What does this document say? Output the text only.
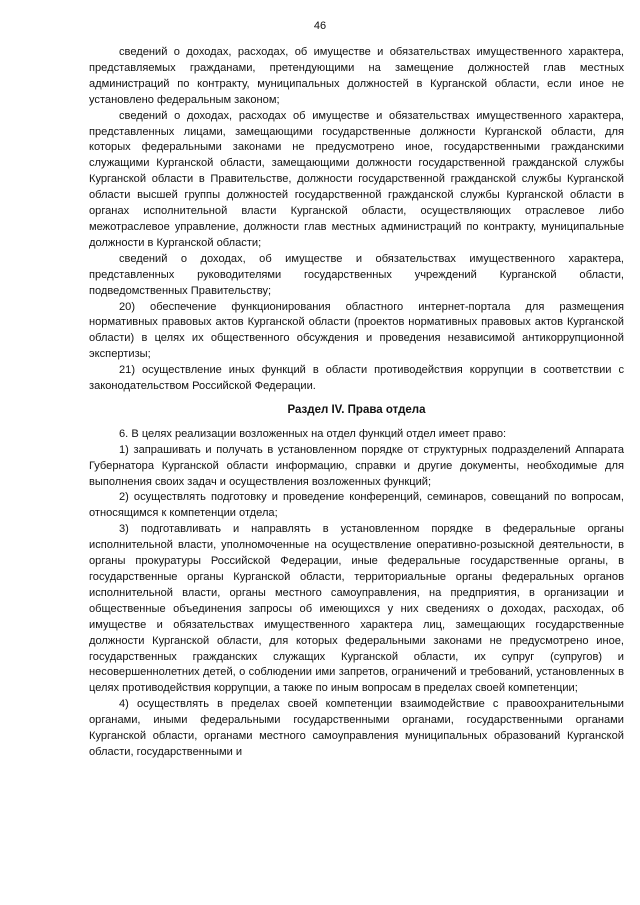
46

сведений о доходах, расходах, об имуществе и обязательствах имущественного характера, представляемых гражданами, претендующими на замещение должностей глав местных администраций по контракту, муниципальных должностей в Курганской области, если иное не установлено федеральным законом;

сведений о доходах, расходах об имуществе и обязательствах имущественного характера, представленных лицами, замещающими государственные должности Курганской области, для которых федеральными законами не предусмотрено иное, государственными гражданскими служащими Курганской области, замещающими должности государственной гражданской службы Курганской области в Правительстве, должности государственной гражданской службы Курганской области высшей группы должностей государственной гражданской службы Курганской области в органах исполнительной власти Курганской области, осуществляющих отраслевое либо межотраслевое управление, должности глав местных администраций по контракту, муниципальные должности в Курганской области;

сведений о доходах, об имуществе и обязательствах имущественного характера, представленных руководителями государственных учреждений Курганской области, подведомственных Правительству;

20) обеспечение функционирования областного интернет-портала для размещения нормативных правовых актов Курганской области (проектов нормативных правовых актов Курганской области) в целях их общественного обсуждения и проведения независимой антикоррупционной экспертизы;

21) осуществление иных функций в области противодействия коррупции в соответствии с законодательством Российской Федерации.

Раздел IV. Права отдела

6. В целях реализации возложенных на отдел функций отдел имеет право:

1) запрашивать и получать в установленном порядке от структурных подразделений Аппарата Губернатора Курганской области информацию, справки и другие документы, необходимые для выполнения своих задач и осуществления возложенных функций;

2) осуществлять подготовку и проведение конференций, семинаров, совещаний по вопросам, относящимся к компетенции отдела;

3) подготавливать и направлять в установленном порядке в федеральные органы исполнительной власти, уполномоченные на осуществление оперативно-розыскной деятельности, в органы прокуратуры Российской Федерации, иные федеральные государственные органы, в государственные органы Курганской области, территориальные органы федеральных органов исполнительной власти, органы местного самоуправления, на предприятия, в организации и общественные объединения запросы об имеющихся у них сведениях о доходах, расходах, об имуществе и обязательствах имущественного характера лиц, замещающих государственные должности Курганской области, для которых федеральными законами не предусмотрено иное, государственных гражданских служащих Курганской области, их супруг (супругов) и несовершеннолетних детей, о соблюдении ими запретов, ограничений и требований, установленных в целях противодействия коррупции, а также по иным вопросам в пределах своей компетенции;

4) осуществлять в пределах своей компетенции взаимодействие с правоохранительными органами, иными федеральными государственными органами, государственными органами Курганской области, органами местного самоуправления муниципальных образований Курганской области, государственными и
